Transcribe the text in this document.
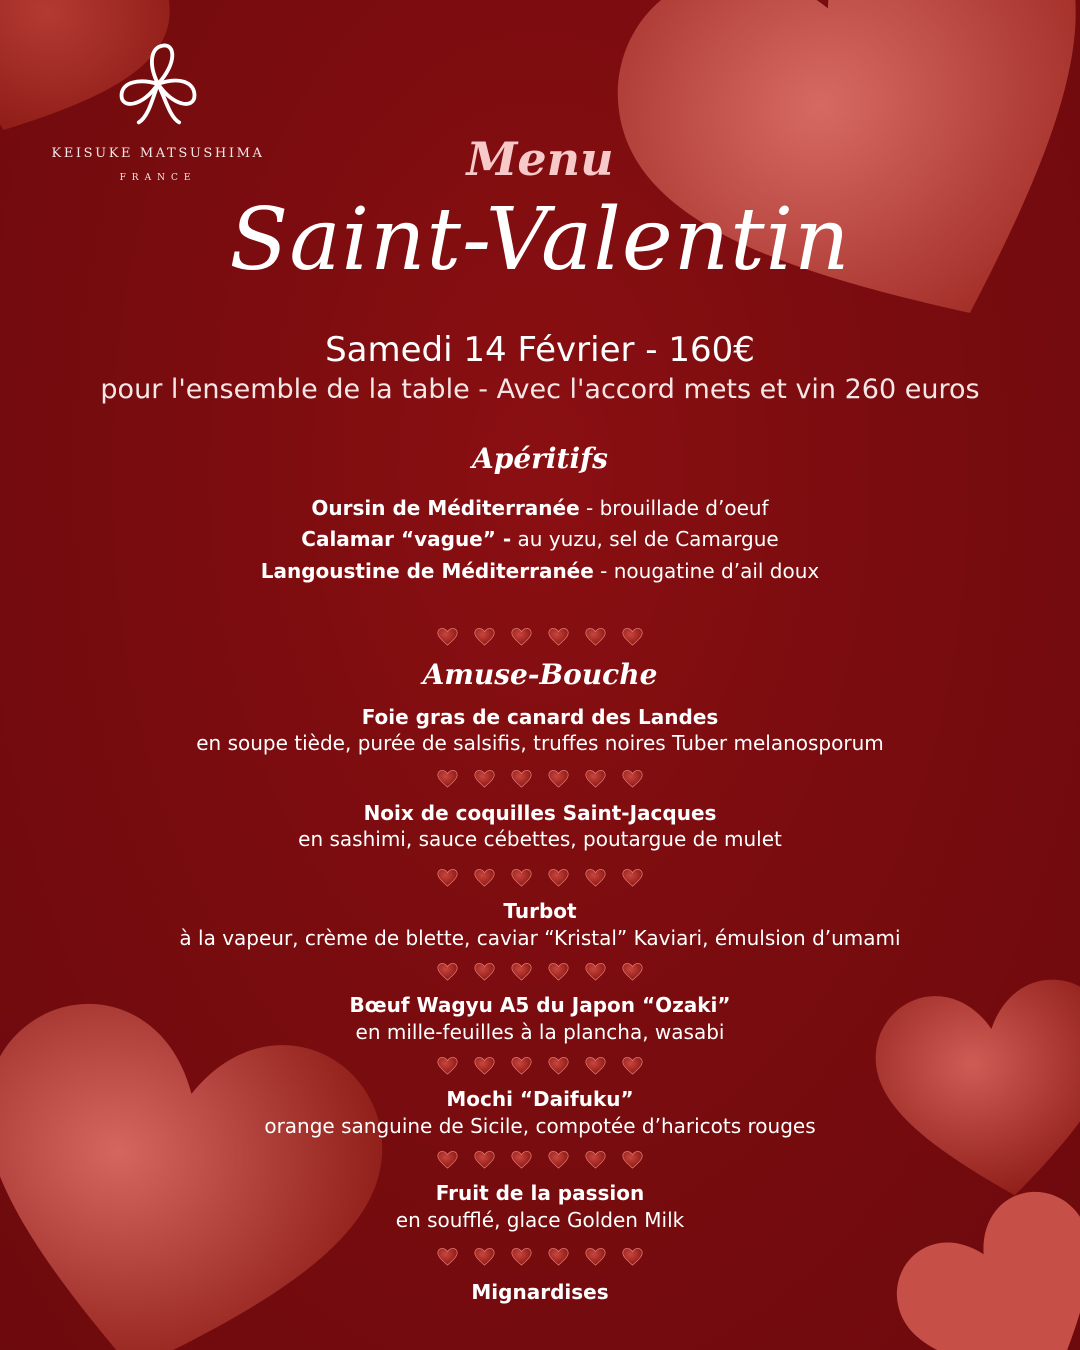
KEISUKE MATSUSHIMA
FRANCE	Menu
Saint-Valentin
Samedi 14 Février - 160€
pour l'ensemble de la table - Avec l'accord mets et vin 260 euros
Apéritifs
Oursin de Méditerranée - brouillade d’oeuf
Calamar “vague” - au yuzu, sel de Camargue
Langoustine de Méditerranée - nougatine d’ail doux
Amuse-Bouche
Foie gras de canard des Landes
en soupe tiède, purée de salsifis, truffes noires Tuber melanosporum
Noix de coquilles Saint-Jacques
en sashimi, sauce cébettes, poutargue de mulet
Turbot
à la vapeur, crème de blette, caviar “Kristal” Kaviari, émulsion d’umami
Bœuf Wagyu A5 du Japon “Ozaki”
en mille-feuilles à la plancha, wasabi
Mochi “Daifuku”
orange sanguine de Sicile, compotée d’haricots rouges
Fruit de la passion
en soufflé, glace Golden Milk
Mignardises
